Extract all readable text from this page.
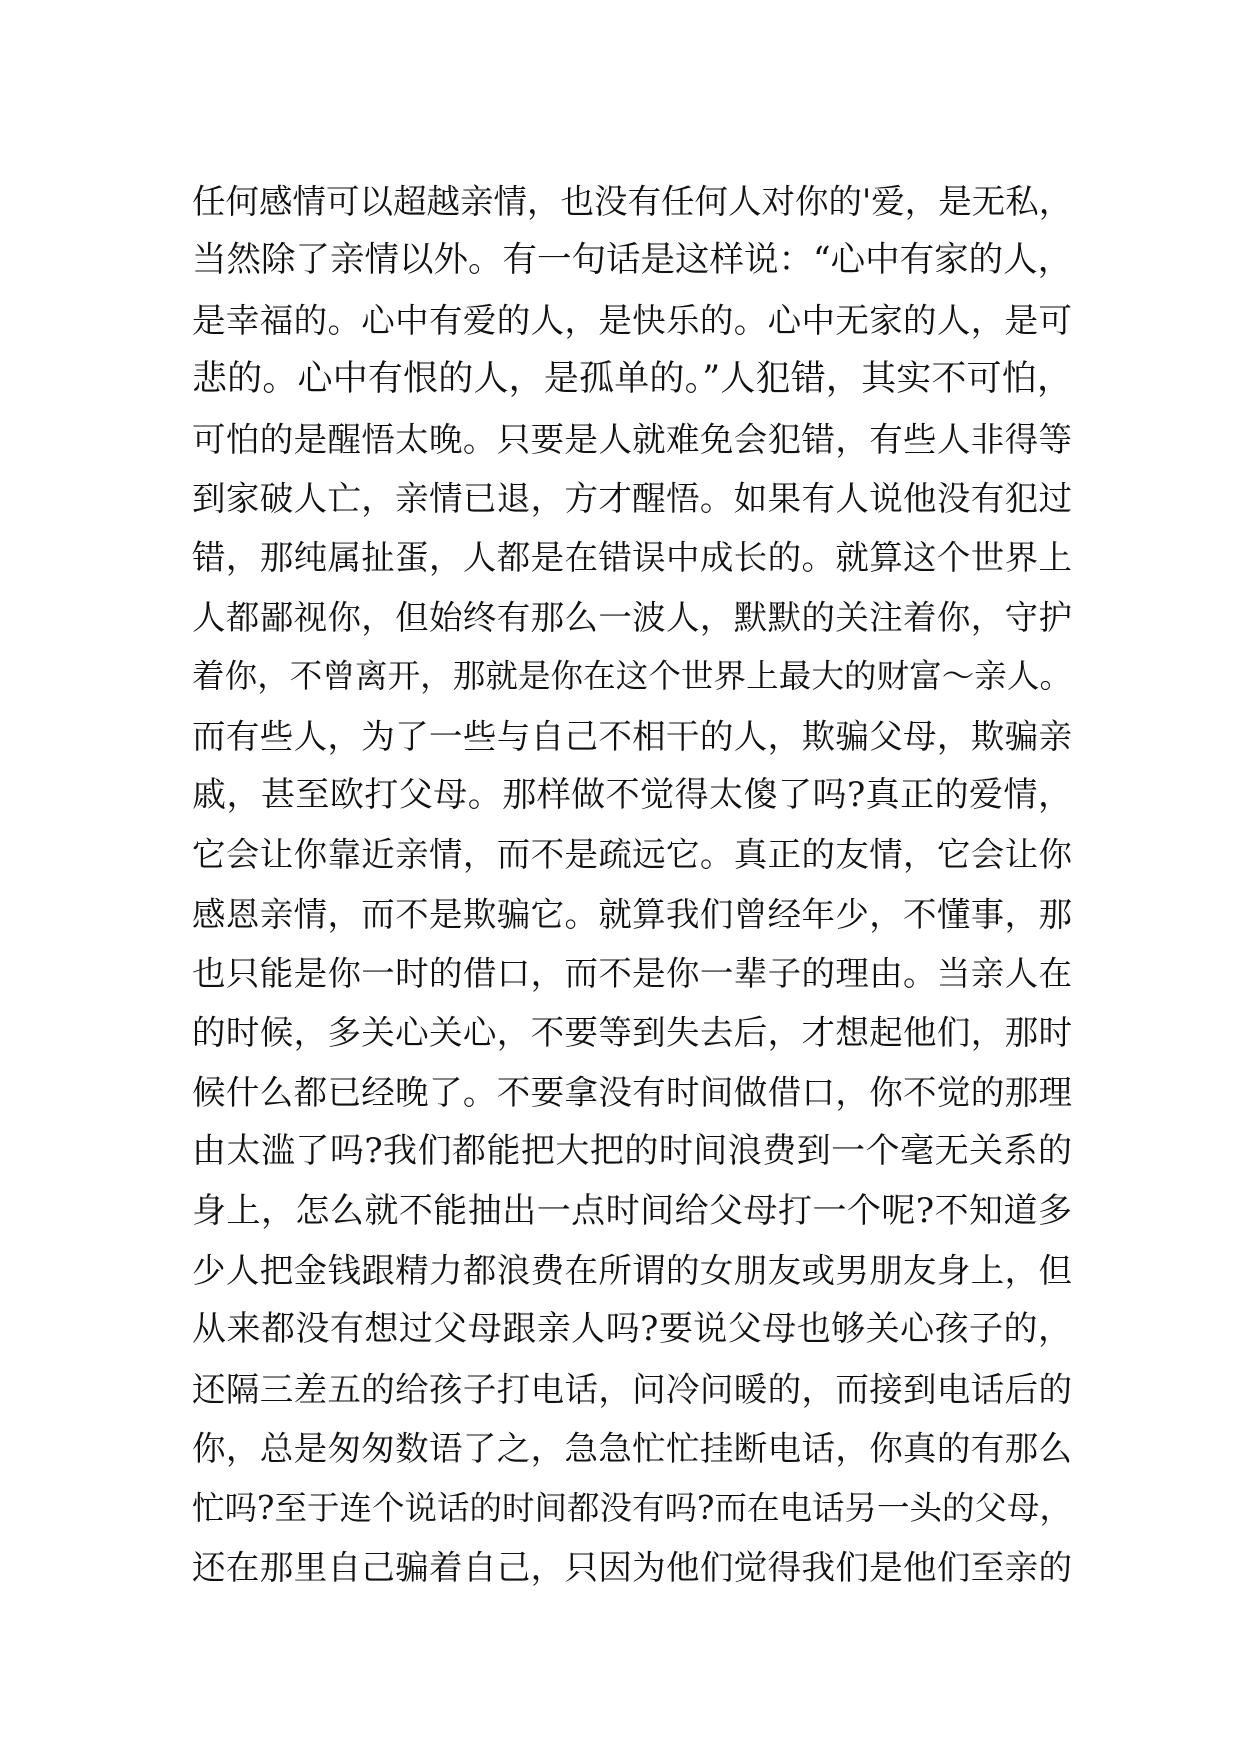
任何感情可以超越亲情，也没有任何人对你的'爱，是无私，
当然除了亲情以外。有一句话是这样说：“心中有家的人，
是幸福的。心中有爱的人，是快乐的。心中无家的人，是可
悲的。心中有恨的人，是孤单的。”人犯错，其实不可怕，
可怕的是醒悟太晚。只要是人就难免会犯错，有些人非得等
到家破人亡，亲情已退，方才醒悟。如果有人说他没有犯过
错，那纯属扯蛋，人都是在错误中成长的。就算这个世界上
人都鄙视你，但始终有那么一波人，默默的关注着你，守护
着你，不曾离开，那就是你在这个世界上最大的财富～亲人。
而有些人，为了一些与自己不相干的人，欺骗父母，欺骗亲
戚，甚至欧打父母。那样做不觉得太傻了吗?真正的爱情，
它会让你靠近亲情，而不是疏远它。真正的友情，它会让你
感恩亲情，而不是欺骗它。就算我们曾经年少，不懂事，那
也只能是你一时的借口，而不是你一辈子的理由。当亲人在
的时候，多关心关心，不要等到失去后，才想起他们，那时
候什么都已经晚了。不要拿没有时间做借口，你不觉的那理
由太滥了吗?我们都能把大把的时间浪费到一个毫无关系的
身上，怎么就不能抽出一点时间给父母打一个呢?不知道多
少人把金钱跟精力都浪费在所谓的女朋友或男朋友身上，但
从来都没有想过父母跟亲人吗?要说父母也够关心孩子的，
还隔三差五的给孩子打电话，问冷问暖的，而接到电话后的
你，总是匆匆数语了之，急急忙忙挂断电话，你真的有那么
忙吗?至于连个说话的时间都没有吗?而在电话另一头的父母，
还在那里自己骗着自己，只因为他们觉得我们是他们至亲的
